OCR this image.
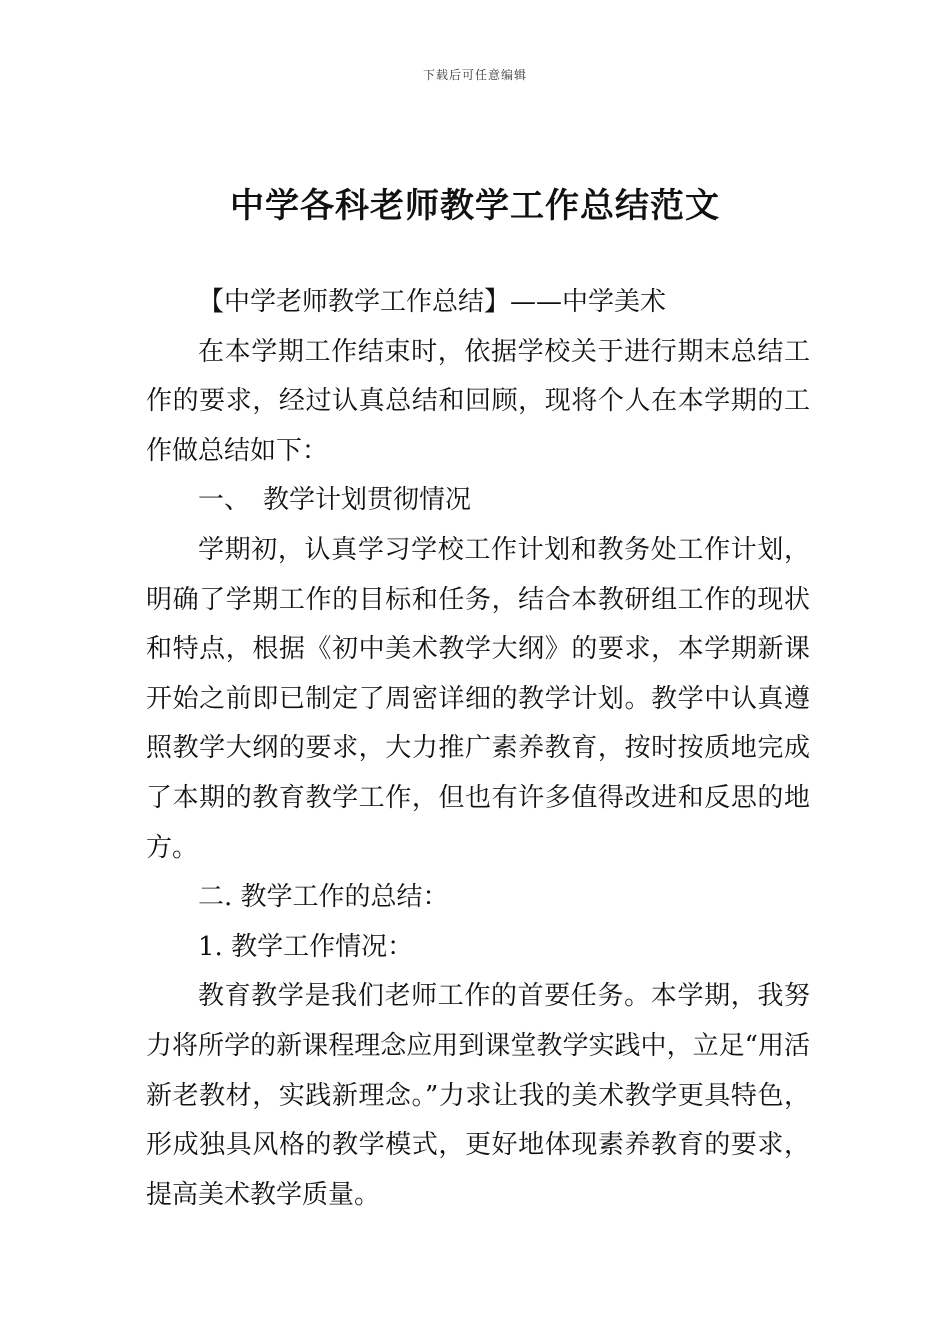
下载后可任意编辑
中学各科老师教学工作总结范文

【中学老师教学工作总结】——中学美术

在本学期工作结束时，依据学校关于进行期末总结工作的要求，经过认真总结和回顾，现将个人在本学期的工作做总结如下：

一、　教学计划贯彻情况

学期初，认真学习学校工作计划和教务处工作计划，明确了学期工作的目标和任务，结合本教研组工作的现状和特点，根据《初中美术教学大纲》的要求，本学期新课开始之前即已制定了周密详细的教学计划。教学中认真遵照教学大纲的要求，大力推广素养教育，按时按质地完成了本期的教育教学工作，但也有许多值得改进和反思的地方。

二. 教学工作的总结：

1. 教学工作情况：

教育教学是我们老师工作的首要任务。本学期，我努力将所学的新课程理念应用到课堂教学实践中，立足“用活新老教材，实践新理念。”力求让我的美术教学更具特色，形成独具风格的教学模式，更好地体现素养教育的要求，提高美术教学质量。
